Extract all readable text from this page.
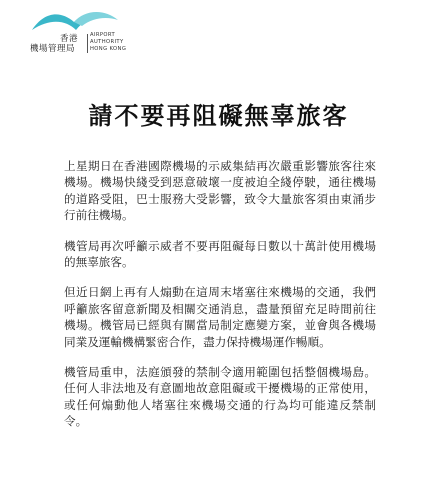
香港
機場管理局
AIRPORT
AUTHORITY
HONG KONG
請不要再阻礙無辜旅客

上星期日在香港國際機場的示威集結再次嚴重影響旅客往來機場。機場快綫受到惡意破壞一度被迫全綫停駛，通往機場的道路受阻，巴士服務大受影響，致令大量旅客須由東涌步行前往機場。

機管局再次呼籲示威者不要再阻礙每日數以十萬計使用機場的無辜旅客。

但近日網上再有人煽動在這周末堵塞往來機場的交通，我們呼籲旅客留意新聞及相關交通消息，盡量預留充足時間前往機場。機管局已經與有關當局制定應變方案，並會與各機場同業及運輸機構緊密合作，盡力保持機場運作暢順。

機管局重申，法庭頒發的禁制令適用範圍包括整個機場島。任何人非法地及有意圖地故意阻礙或干擾機場的正常使用，或任何煽動他人堵塞往來機場交通的行為均可能違反禁制令。
